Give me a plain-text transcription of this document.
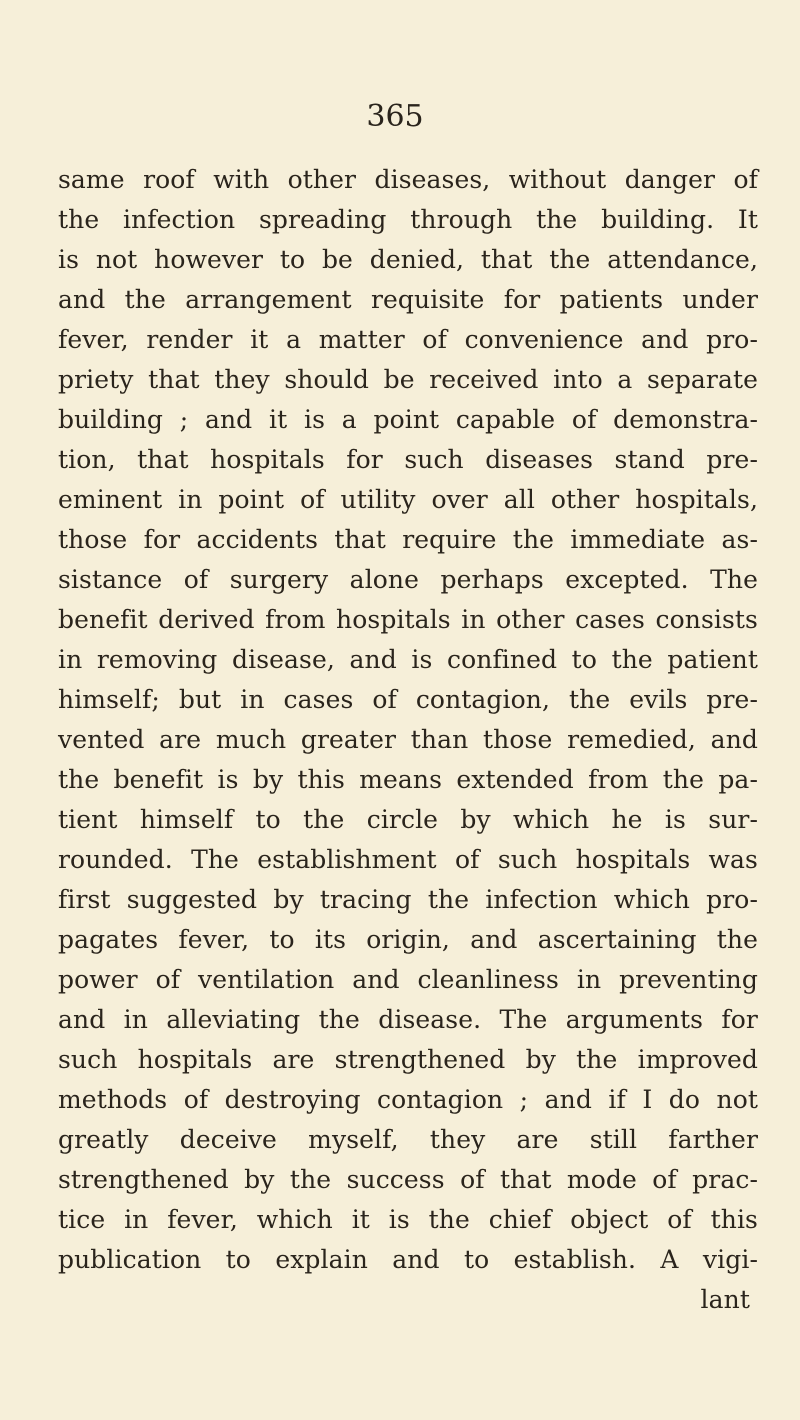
365
same roof with other diseases, without danger of
the infection spreading through the building. It
is not however to be denied, that the attendance,
and the arrangement requisite for patients under
fever, render it a matter of convenience and pro-
priety that they should be received into a separate
building ; and it is a point capable of demonstra-
tion, that hospitals for such diseases stand pre-
eminent in point of utility over all other hospitals,
those for accidents that require the immediate as-
sistance of surgery alone perhaps excepted. The
benefit derived from hospitals in other cases consists
in removing disease, and is confined to the patient
himself; but in cases of contagion, the evils pre-
vented are much greater than those remedied, and
the benefit is by this means extended from the pa-
tient himself to the circle by which he is sur-
rounded. The establishment of such hospitals was
first suggested by tracing the infection which pro-
pagates fever, to its origin, and ascertaining the
power of ventilation and cleanliness in preventing
and in alleviating the disease. The arguments for
such hospitals are strengthened by the improved
methods of destroying contagion ; and if I do not
greatly deceive myself, they are still farther
strengthened by the success of that mode of prac-
tice in fever, which it is the chief object of this
publication to explain and to establish. A vigi-
lant
